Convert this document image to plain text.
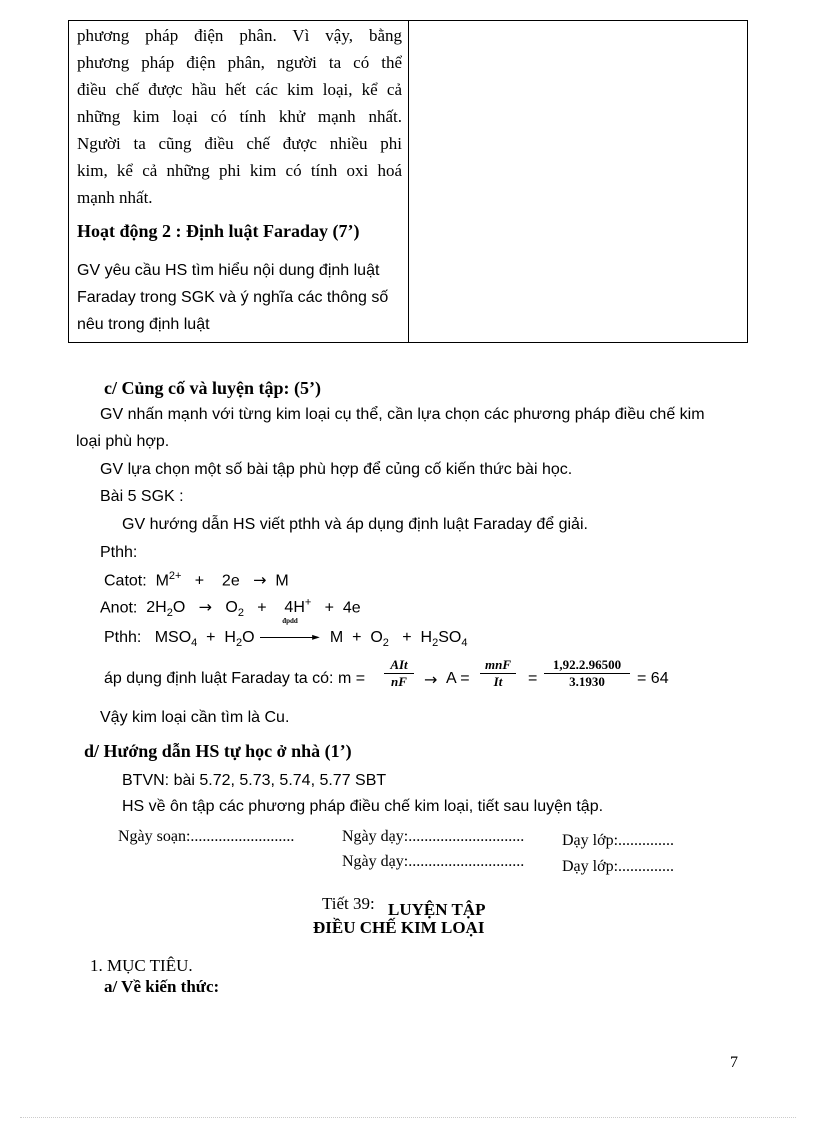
phương pháp điện phân. Vì vậy, bằng
phương pháp điện phân, người ta có thể
điều chế được hầu hết các kim loại, kể cả
những kim loại có tính khử mạnh nhất.
Người ta cũng điều chế được nhiều phi
kim, kể cả những phi kim có tính oxi hoá
mạnh nhất.
Hoạt động 2 : Định luật Faraday (7’)
GV yêu cầu HS tìm hiểu nội dung định luật
Faraday trong SGK và ý nghĩa các thông số
nêu trong định luật
c/ Củng cố và luyện tập: (5’)
GV nhấn mạnh với từng kim loại cụ thể, cần lựa chọn các phương pháp điều chế kim
loại phù hợp.
GV lựa chọn một số bài tập phù hợp để củng cố kiến thức bài học.
Bài 5 SGK :
GV hướng dẫn HS viết pthh và áp dụng định luật Faraday để giải.
Pthh:
Catot: $M^{2+} + 2e \to M$
Anot: $2H_2O \to O_2 + 4H^+ + 4e$
Pthh: $MSO_4 + H_2O$
đpdd
► $M + O_2 + H_2SO_4$
áp dụng định luật Faraday ta có: m =
AIt
nF	→ A =
mnF
It	= $\frac{1,92.2.96500}{3.1930} = 64$
Vậy kim loại cần tìm là Cu.
d/ Hướng dẫn HS tự học ở nhà (1’)
BTVN: bài 5.72, 5.73, 5.74, 5.77 SBT
HS về ôn tập các phương pháp điều chế kim loại, tiết sau luyện tập.
Ngày soạn:..........................	Ngày dạy:............................. Dạy lớp:..............
Ngày dạy:............................. Dạy lớp:..............
Tiết 39: LUYỆN TẬP
ĐIỀU CHẾ KIM LOẠI
1. MỤC TIÊU.
a/ Về kiến thức:
7
